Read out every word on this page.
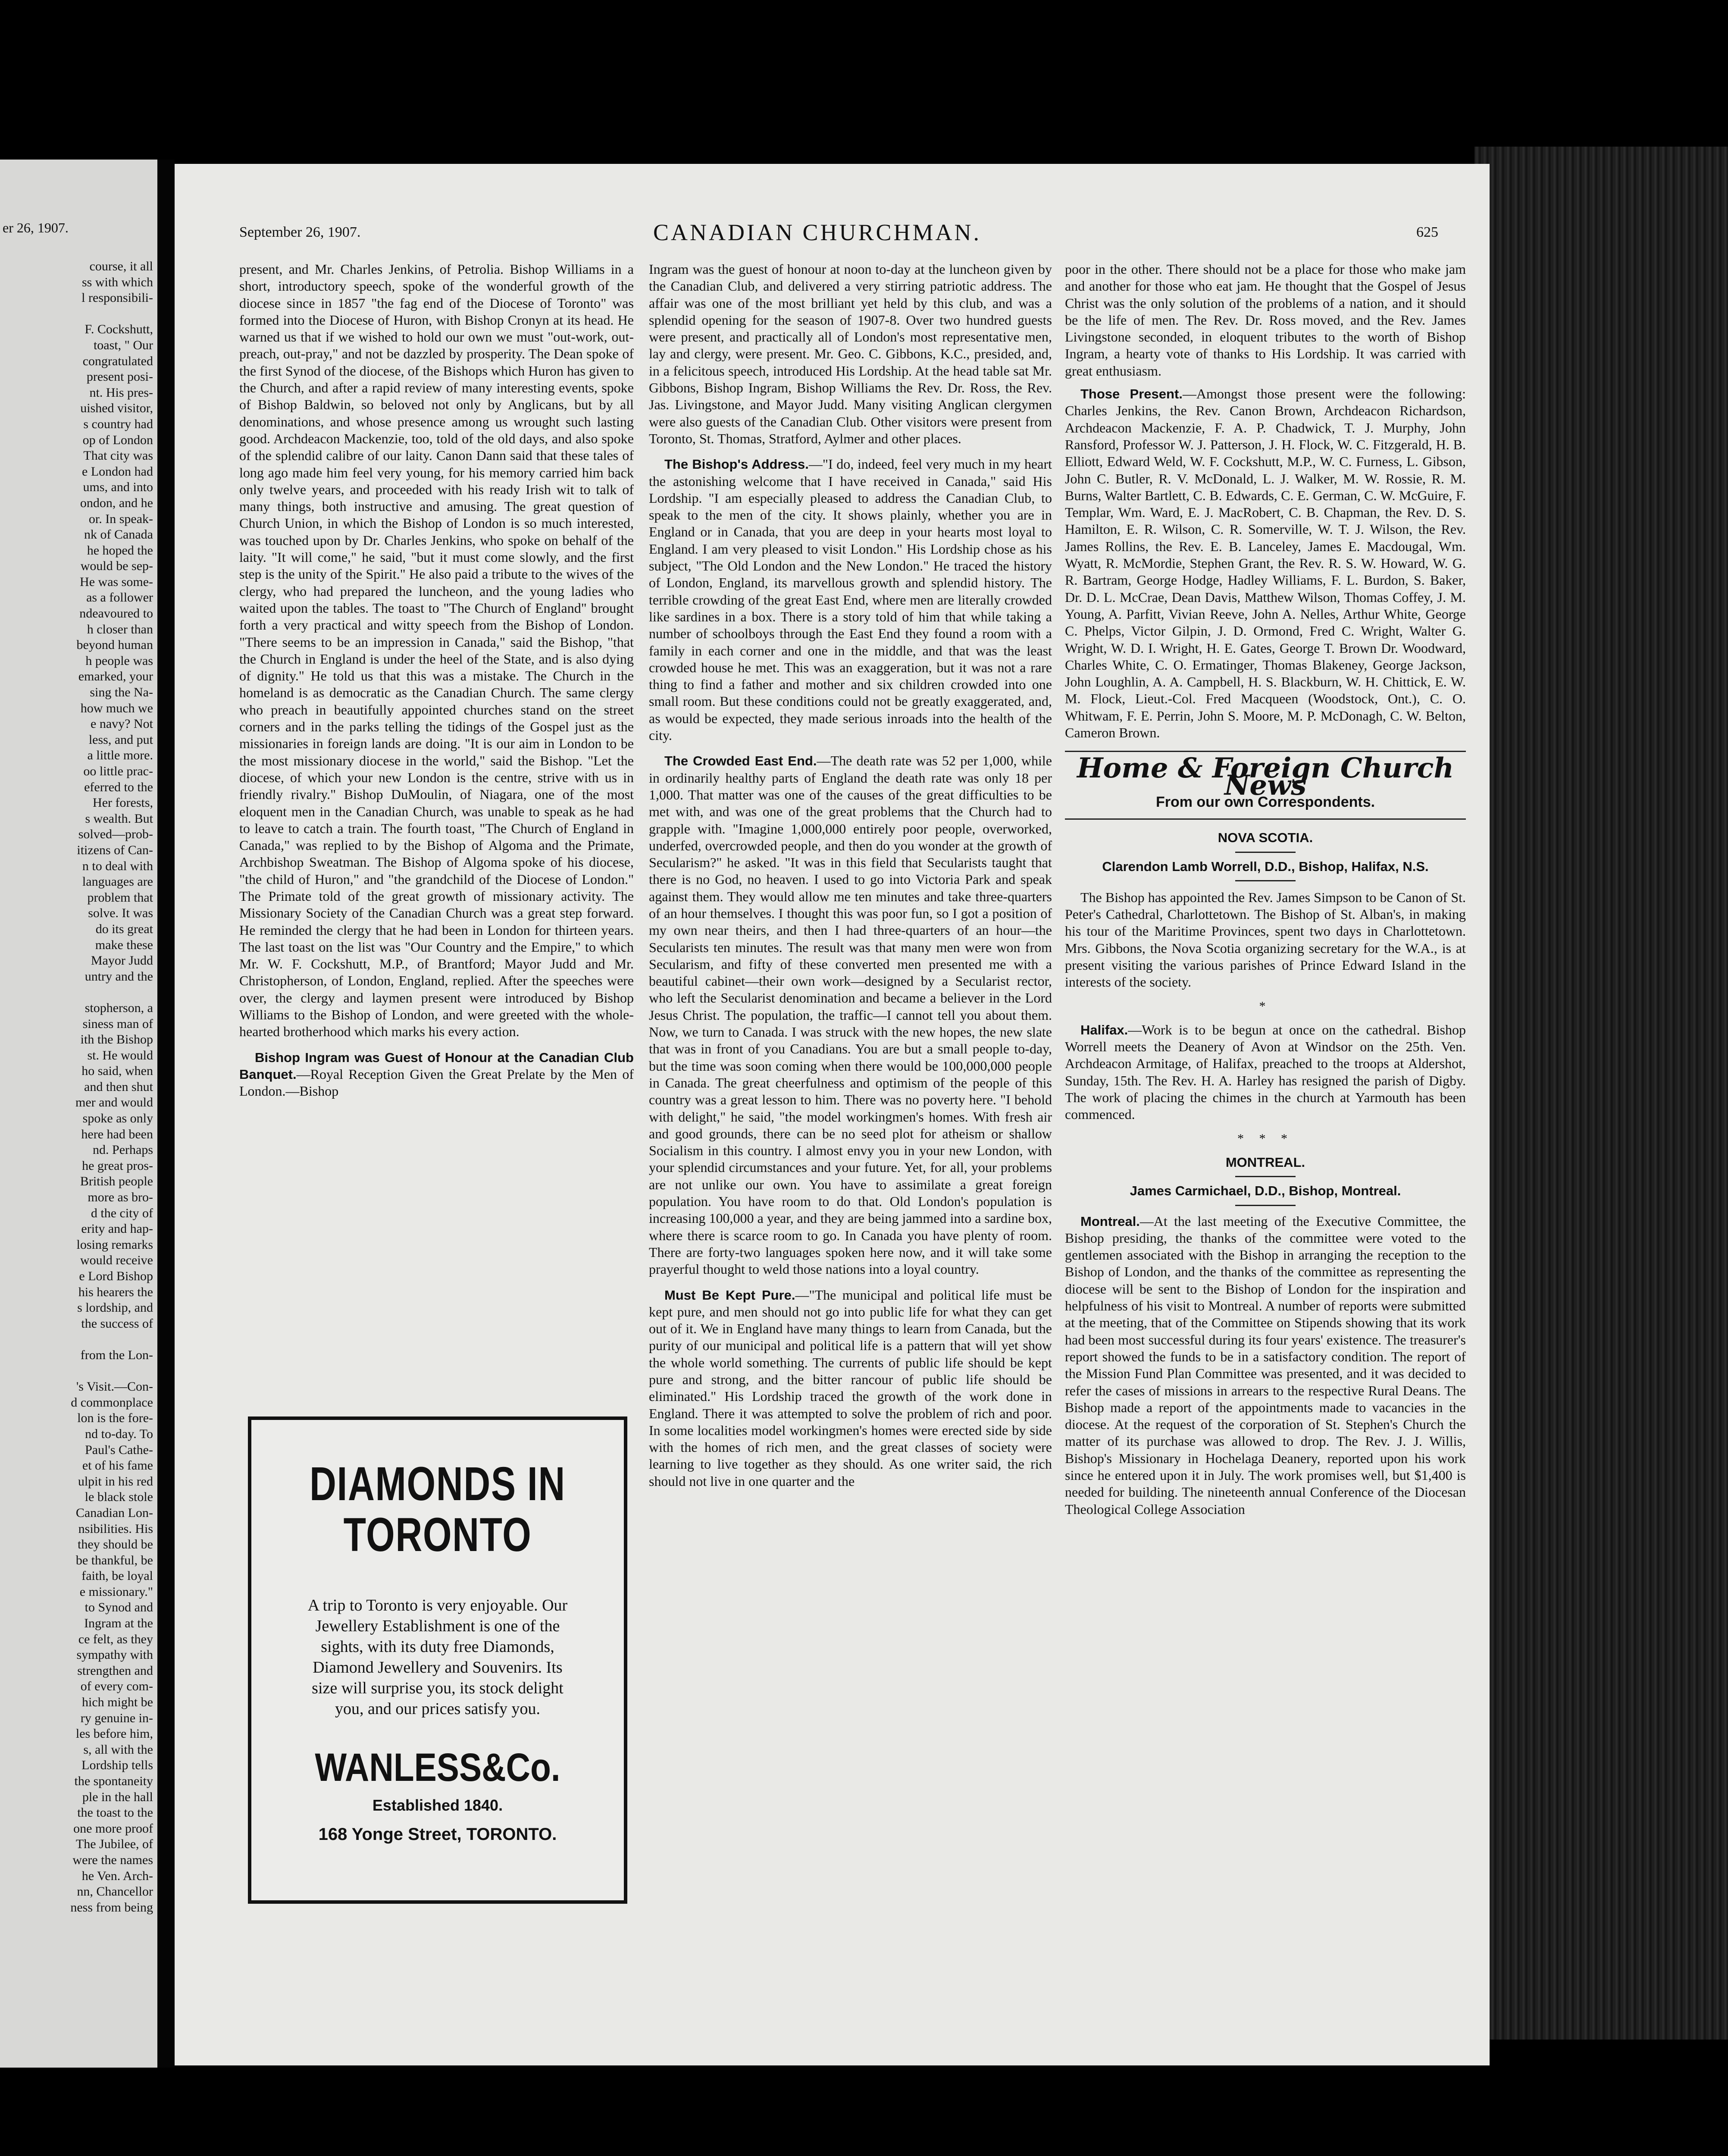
er 26, 1907.
course, it all
ss with which
l responsibili-

F. Cockshutt,
toast, " Our
congratulated
present posi-
nt. His pres-
uished visitor,
s country had
op of London
That city was
e London had
ums, and into
ondon, and he
or. In speak-
nk of Canada
he hoped the
would be sep-
He was some-
as a follower
ndeavoured to
h closer than
beyond human
h people was
emarked, your
sing the Na-
how much we
e navy? Not
less, and put
a little more.
oo little prac-
eferred to the
Her forests,
s wealth. But
solved—prob-
itizens of Can-
n to deal with
languages are
problem that
solve. It was
do its great
make these
Mayor Judd
untry and the

stopherson, a
siness man of
ith the Bishop
st. He would
ho said, when
and then shut
mer and would
spoke as only
here had been
nd. Perhaps
he great pros-
British people
more as bro-
d the city of
erity and hap-
losing remarks
would receive
e Lord Bishop
his hearers the
s lordship, and
the success of

from the Lon-

's Visit.—Con-
d commonplace
lon is the fore-
nd to-day. To
Paul's Cathe-
et of his fame
ulpit in his red
le black stole
Canadian Lon-
nsibilities. His
they should be
be thankful, be
faith, be loyal
e missionary."
to Synod and
Ingram at the
ce felt, as they
sympathy with
strengthen and
of every com-
hich might be
ry genuine in-
les before him,
s, all with the
Lordship tells
the spontaneity
ple in the hall
the toast to the
one more proof
The Jubilee, of
were the names
he Ven. Arch-
nn, Chancellor
ness from being
September 26, 1907.	CANADIAN CHURCHMAN.	625

present, and Mr. Charles Jenkins, of Petrolia. Bishop Williams in a short, introductory speech, spoke of the wonderful growth of the diocese since in 1857 "the fag end of the Diocese of Toronto" was formed into the Diocese of Huron, with Bishop Cronyn at its head. He warned us that if we wished to hold our own we must "out-work, out-preach, out-pray," and not be dazzled by prosperity. The Dean spoke of the first Synod of the diocese, of the Bishops which Huron has given to the Church, and after a rapid review of many interesting events, spoke of Bishop Baldwin, so beloved not only by Anglicans, but by all denominations, and whose presence among us wrought such lasting good. Archdeacon Mackenzie, too, told of the old days, and also spoke of the splendid calibre of our laity. Canon Dann said that these tales of long ago made him feel very young, for his memory carried him back only twelve years, and proceeded with his ready Irish wit to talk of many things, both instructive and amusing. The great question of Church Union, in which the Bishop of London is so much interested, was touched upon by Dr. Charles Jenkins, who spoke on behalf of the laity. "It will come," he said, "but it must come slowly, and the first step is the unity of the Spirit." He also paid a tribute to the wives of the clergy, who had prepared the luncheon, and the young ladies who waited upon the tables. The toast to "The Church of England" brought forth a very practical and witty speech from the Bishop of London. "There seems to be an impression in Canada," said the Bishop, "that the Church in England is under the heel of the State, and is also dying of dignity." He told us that this was a mistake. The Church in the homeland is as democratic as the Canadian Church. The same clergy who preach in beautifully appointed churches stand on the street corners and in the parks telling the tidings of the Gospel just as the missionaries in foreign lands are doing. "It is our aim in London to be the most missionary diocese in the world," said the Bishop. "Let the diocese, of which your new London is the centre, strive with us in friendly rivalry." Bishop DuMoulin, of Niagara, one of the most eloquent men in the Canadian Church, was unable to speak as he had to leave to catch a train. The fourth toast, "The Church of England in Canada," was replied to by the Bishop of Algoma and the Primate, Archbishop Sweatman. The Bishop of Algoma spoke of his diocese, "the child of Huron," and "the grandchild of the Diocese of London." The Primate told of the great growth of missionary activity. The Missionary Society of the Canadian Church was a great step forward. He reminded the clergy that he had been in London for thirteen years. The last toast on the list was "Our Country and the Empire," to which Mr. W. F. Cockshutt, M.P., of Brantford; Mayor Judd and Mr. Christopherson, of London, England, replied. After the speeches were over, the clergy and laymen present were introduced by Bishop Williams to the Bishop of London, and were greeted with the whole-hearted brotherhood which marks his every action.

Bishop Ingram was Guest of Honour at the Canadian Club Banquet.—Royal Reception Given the Great Prelate by the Men of London.—Bishop

DIAMONDS IN TORONTO
A trip to Toronto is very enjoyable. Our Jewellery Establishment is one of the sights, with its duty free Diamonds, Diamond Jewellery and Souvenirs. Its size will surprise you, its stock delight you, and our prices satisfy you.
WANLESS&Co.
Established 1840.
168 Yonge Street, TORONTO.

Ingram was the guest of honour at noon to-day at the luncheon given by the Canadian Club, and delivered a very stirring patriotic address. The affair was one of the most brilliant yet held by this club, and was a splendid opening for the season of 1907-8. Over two hundred guests were present, and practically all of London's most representative men, lay and clergy, were present. Mr. Geo. C. Gibbons, K.C., presided, and, in a felicitous speech, introduced His Lordship. At the head table sat Mr. Gibbons, Bishop Ingram, Bishop Williams the Rev. Dr. Ross, the Rev. Jas. Livingstone, and Mayor Judd. Many visiting Anglican clergymen were also guests of the Canadian Club. Other visitors were present from Toronto, St. Thomas, Stratford, Aylmer and other places.

The Bishop's Address.—"I do, indeed, feel very much in my heart the astonishing welcome that I have received in Canada," said His Lordship. "I am especially pleased to address the Canadian Club, to speak to the men of the city. It shows plainly, whether you are in England or in Canada, that you are deep in your hearts most loyal to England. I am very pleased to visit London." His Lordship chose as his subject, "The Old London and the New London." He traced the history of London, England, its marvellous growth and splendid history. The terrible crowding of the great East End, where men are literally crowded like sardines in a box. There is a story told of him that while taking a number of schoolboys through the East End they found a room with a family in each corner and one in the middle, and that was the least crowded house he met. This was an exaggeration, but it was not a rare thing to find a father and mother and six children crowded into one small room. But these conditions could not be greatly exaggerated, and, as would be expected, they made serious inroads into the health of the city.

The Crowded East End.—The death rate was 52 per 1,000, while in ordinarily healthy parts of England the death rate was only 18 per 1,000. That matter was one of the causes of the great difficulties to be met with, and was one of the great problems that the Church had to grapple with. "Imagine 1,000,000 entirely poor people, overworked, underfed, overcrowded people, and then do you wonder at the growth of Secularism?" he asked. "It was in this field that Secularists taught that there is no God, no heaven. I used to go into Victoria Park and speak against them. They would allow me ten minutes and take three-quarters of an hour themselves. I thought this was poor fun, so I got a position of my own near theirs, and then I had three-quarters of an hour—the Secularists ten minutes. The result was that many men were won from Secularism, and fifty of these converted men presented me with a beautiful cabinet—their own work—designed by a Secularist rector, who left the Secularist denomination and became a believer in the Lord Jesus Christ. The population, the traffic—I cannot tell you about them. Now, we turn to Canada. I was struck with the new hopes, the new slate that was in front of you Canadians. You are but a small people to-day, but the time was soon coming when there would be 100,000,000 people in Canada. The great cheerfulness and optimism of the people of this country was a great lesson to him. There was no poverty here. "I behold with delight," he said, "the model workingmen's homes. With fresh air and good grounds, there can be no seed plot for atheism or shallow Socialism in this country. I almost envy you in your new London, with your splendid circumstances and your future. Yet, for all, your problems are not unlike our own. You have to assimilate a great foreign population. You have room to do that. Old London's population is increasing 100,000 a year, and they are being jammed into a sardine box, where there is scarce room to go. In Canada you have plenty of room. There are forty-two languages spoken here now, and it will take some prayerful thought to weld those nations into a loyal country.

Must Be Kept Pure.—"The municipal and political life must be kept pure, and men should not go into public life for what they can get out of it. We in England have many things to learn from Canada, but the purity of our municipal and political life is a pattern that will yet show the whole world something. The currents of public life should be kept pure and strong, and the bitter rancour of public life should be eliminated." His Lordship traced the growth of the work done in England. There it was attempted to solve the problem of rich and poor. In some localities model workingmen's homes were erected side by side with the homes of rich men, and the great classes of society were learning to live together as they should. As one writer said, the rich should not live in one quarter and the

poor in the other. There should not be a place for those who make jam and another for those who eat jam. He thought that the Gospel of Jesus Christ was the only solution of the problems of a nation, and it should be the life of men. The Rev. Dr. Ross moved, and the Rev. James Livingstone seconded, in eloquent tributes to the worth of Bishop Ingram, a hearty vote of thanks to His Lordship. It was carried with great enthusiasm.

Those Present.—Amongst those present were the following: Charles Jenkins, the Rev. Canon Brown, Archdeacon Richardson, Archdeacon Mackenzie, F. A. P. Chadwick, T. J. Murphy, John Ransford, Professor W. J. Patterson, J. H. Flock, W. C. Fitzgerald, H. B. Elliott, Edward Weld, W. F. Cockshutt, M.P., W. C. Furness, L. Gibson, John C. Butler, R. V. McDonald, L. J. Walker, M. W. Rossie, R. M. Burns, Walter Bartlett, C. B. Edwards, C. E. German, C. W. McGuire, F. Templar, Wm. Ward, E. J. MacRobert, C. B. Chapman, the Rev. D. S. Hamilton, E. R. Wilson, C. R. Somerville, W. T. J. Wilson, the Rev. James Rollins, the Rev. E. B. Lanceley, James E. Macdougal, Wm. Wyatt, R. McMordie, Stephen Grant, the Rev. R. S. W. Howard, W. G. R. Bartram, George Hodge, Hadley Williams, F. L. Burdon, S. Baker, Dr. D. L. McCrae, Dean Davis, Matthew Wilson, Thomas Coffey, J. M. Young, A. Parfitt, Vivian Reeve, John A. Nelles, Arthur White, George C. Phelps, Victor Gilpin, J. D. Ormond, Fred C. Wright, Walter G. Wright, W. D. I. Wright, H. E. Gates, George T. Brown Dr. Woodward, Charles White, C. O. Ermatinger, Thomas Blakeney, George Jackson, John Loughlin, A. A. Campbell, H. S. Blackburn, W. H. Chittick, E. W. M. Flock, Lieut.-Col. Fred Macqueen (Woodstock, Ont.), C. O. Whitwam, F. E. Perrin, John S. Moore, M. P. McDonagh, C. W. Belton, Cameron Brown.

Home & Foreign Church News
From our own Correspondents.
NOVA SCOTIA.
Clarendon Lamb Worrell, D.D., Bishop, Halifax, N.S.

The Bishop has appointed the Rev. James Simpson to be Canon of St. Peter's Cathedral, Charlottetown. The Bishop of St. Alban's, in making his tour of the Maritime Provinces, spent two days in Charlottetown. Mrs. Gibbons, the Nova Scotia organizing secretary for the W.A., is at present visiting the various parishes of Prince Edward Island in the interests of the society.

*

Halifax.—Work is to be begun at once on the cathedral. Bishop Worrell meets the Deanery of Avon at Windsor on the 25th. Ven. Archdeacon Armitage, of Halifax, preached to the troops at Aldershot, Sunday, 15th. The Rev. H. A. Harley has resigned the parish of Digby. The work of placing the chimes in the church at Yarmouth has been commenced.

* * *
MONTREAL.
James Carmichael, D.D., Bishop, Montreal.

Montreal.—At the last meeting of the Executive Committee, the Bishop presiding, the thanks of the committee were voted to the gentlemen associated with the Bishop in arranging the reception to the Bishop of London, and the thanks of the committee as representing the diocese will be sent to the Bishop of London for the inspiration and helpfulness of his visit to Montreal. A number of reports were submitted at the meeting, that of the Committee on Stipends showing that its work had been most successful during its four years' existence. The treasurer's report showed the funds to be in a satisfactory condition. The report of the Mission Fund Plan Committee was presented, and it was decided to refer the cases of missions in arrears to the respective Rural Deans. The Bishop made a report of the appointments made to vacancies in the diocese. At the request of the corporation of St. Stephen's Church the matter of its purchase was allowed to drop. The Rev. J. J. Willis, Bishop's Missionary in Hochelaga Deanery, reported upon his work since he entered upon it in July. The work promises well, but $1,400 is needed for building. The nineteenth annual Conference of the Diocesan Theological College Association
